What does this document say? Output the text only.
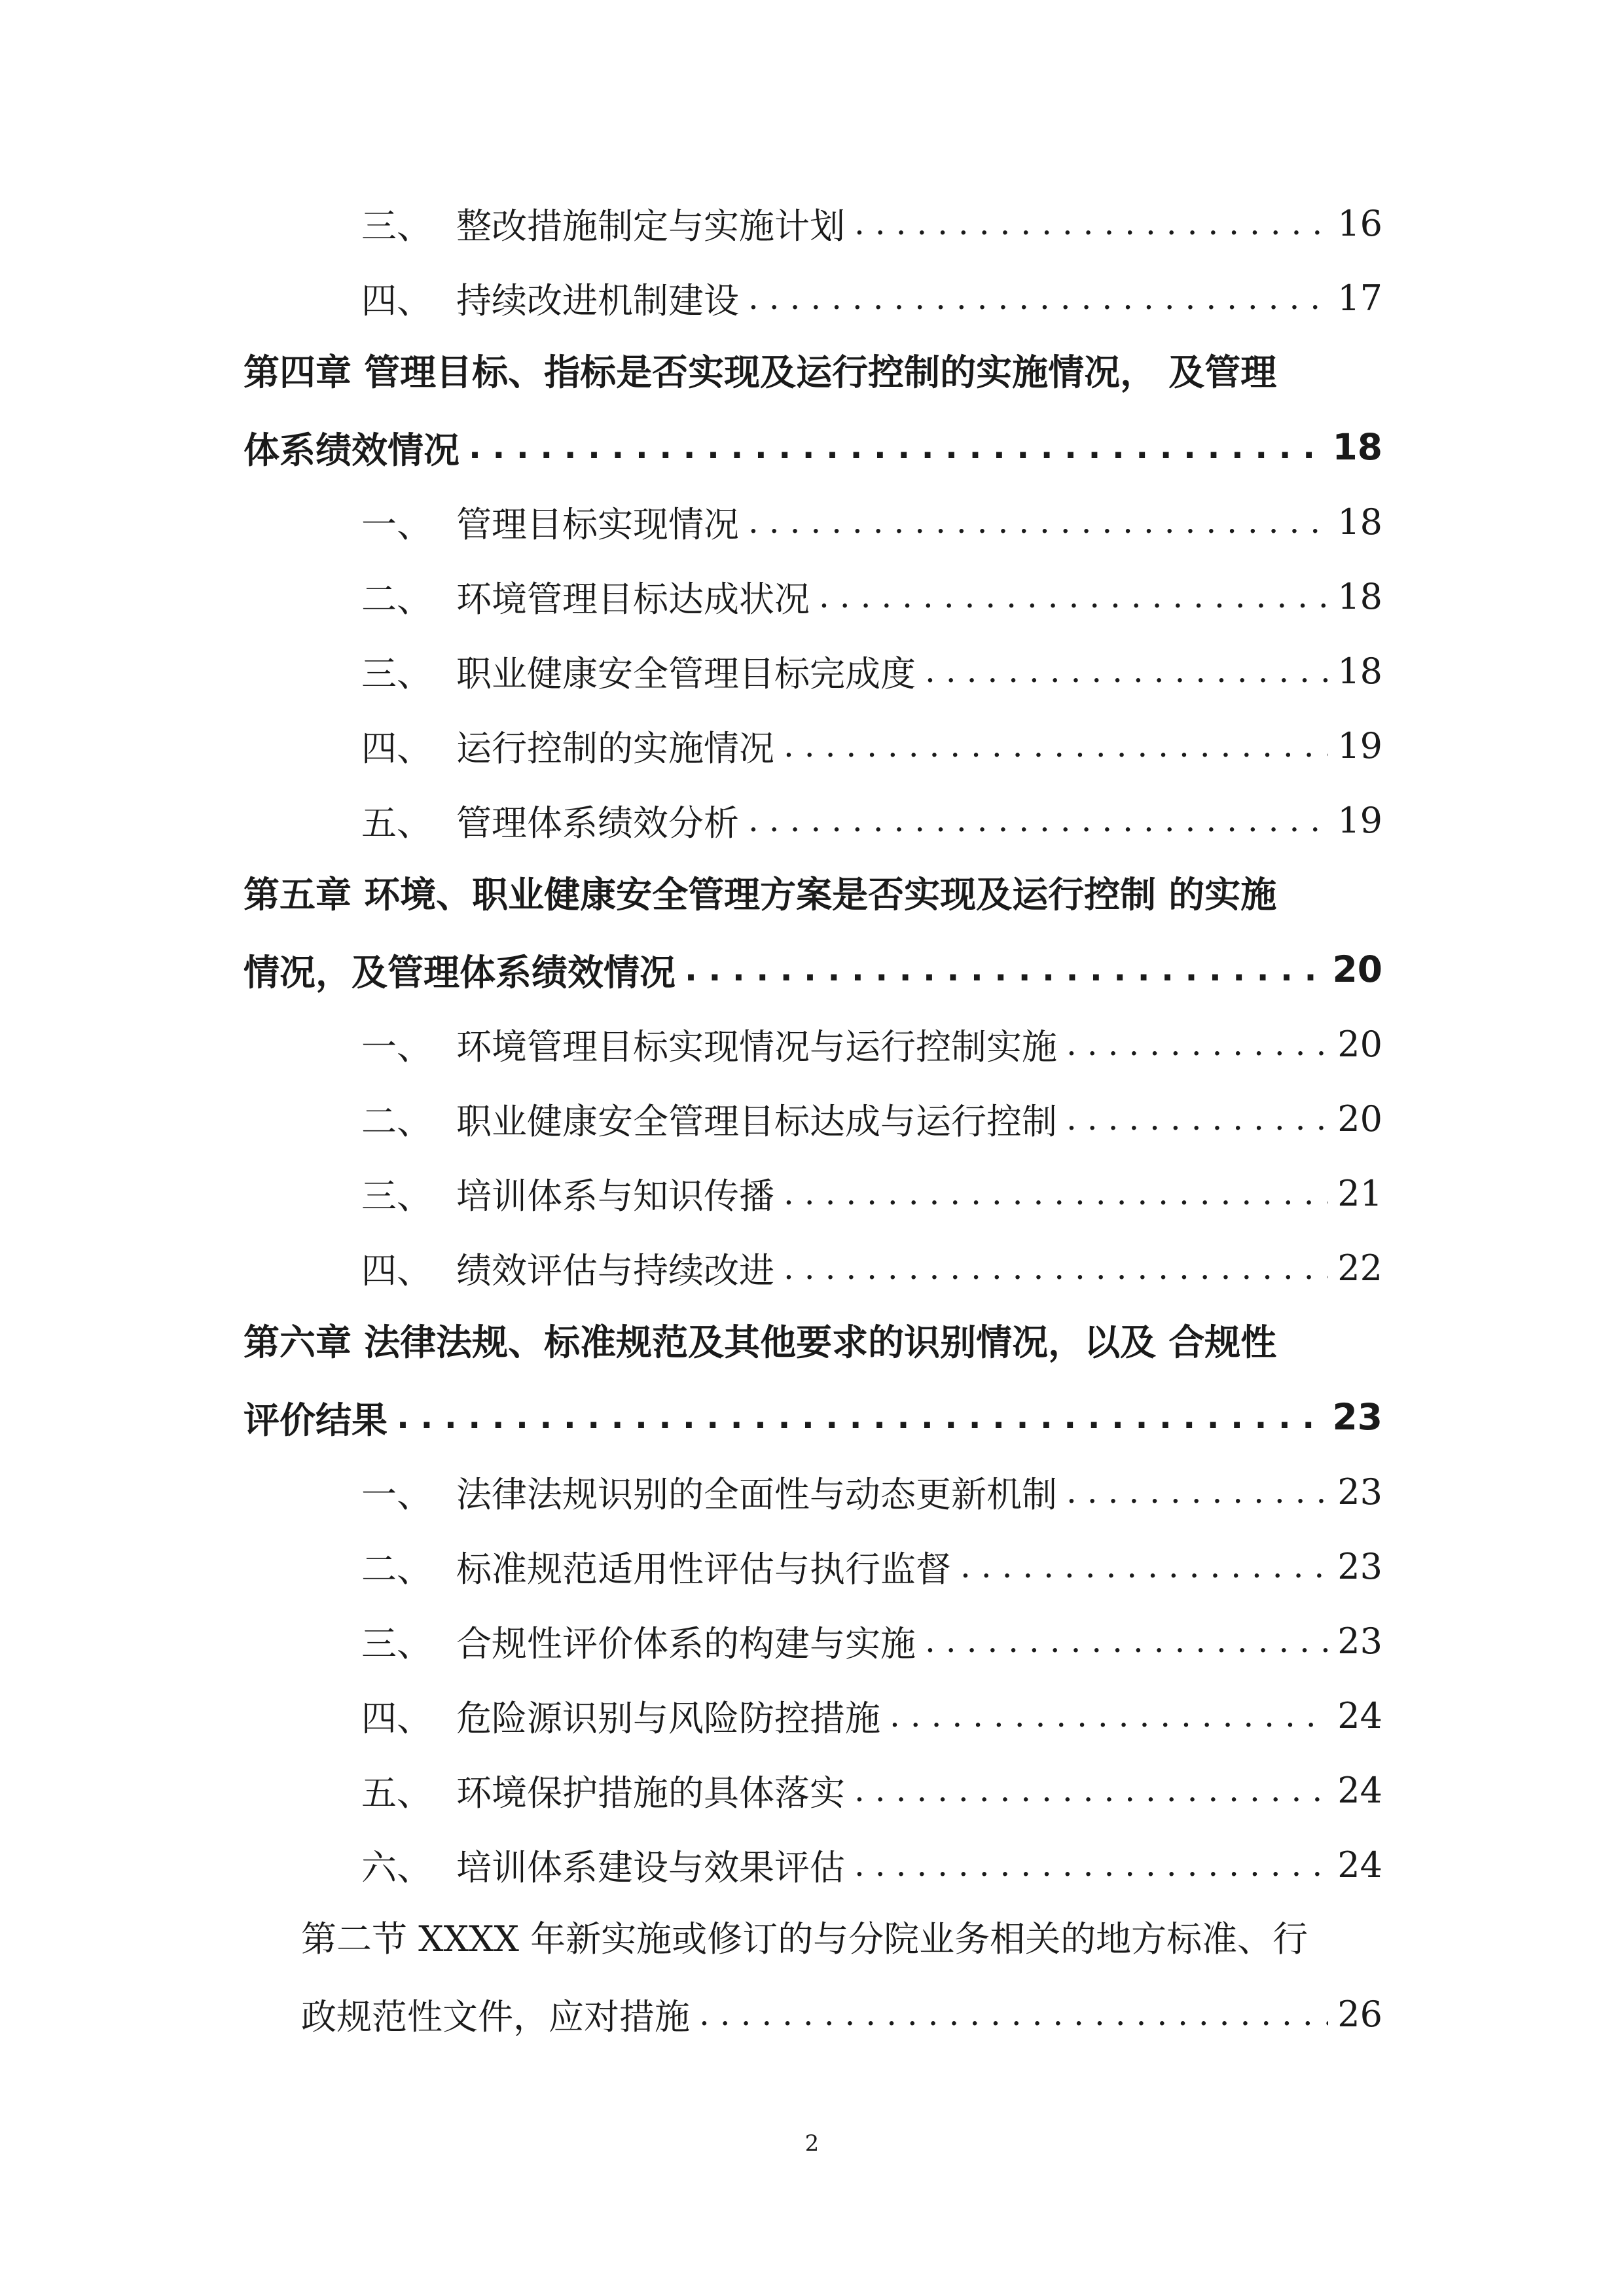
三、 整改措施制定与实施计划 . . .	16
四、 持续改进机制建设 . . .	17
第四章 管理目标、指标是否实现及运行控制的实施情况， 及管理
体系绩效情况 . . .	18
一、 管理目标实现情况 . . .	18
二、 环境管理目标达成状况 . . .	18
三、 职业健康安全管理目标完成度 . . .	18
四、 运行控制的实施情况 . . .	19
五、 管理体系绩效分析 . . .	19
第五章 环境、职业健康安全管理方案是否实现及运行控制 的实施
情况，及管理体系绩效情况 . . .	20
一、 环境管理目标实现情况与运行控制实施 . . .	20
二、 职业健康安全管理目标达成与运行控制 . . .	20
三、 培训体系与知识传播 . . .	21
四、 绩效评估与持续改进 . . .	22
第六章 法律法规、标准规范及其他要求的识别情况，以及 合规性
评价结果 . . .	23
一、 法律法规识别的全面性与动态更新机制 . . .	23
二、 标准规范适用性评估与执行监督 . . .	23
三、 合规性评价体系的构建与实施 . . .	23
四、 危险源识别与风险防控措施 . . .	24
五、 环境保护措施的具体落实 . . .	24
六、 培训体系建设与效果评估 . . .	24
第二节 XXXX 年新实施或修订的与分院业务相关的地方标准、行
政规范性文件，应对措施 . . .	26
2
